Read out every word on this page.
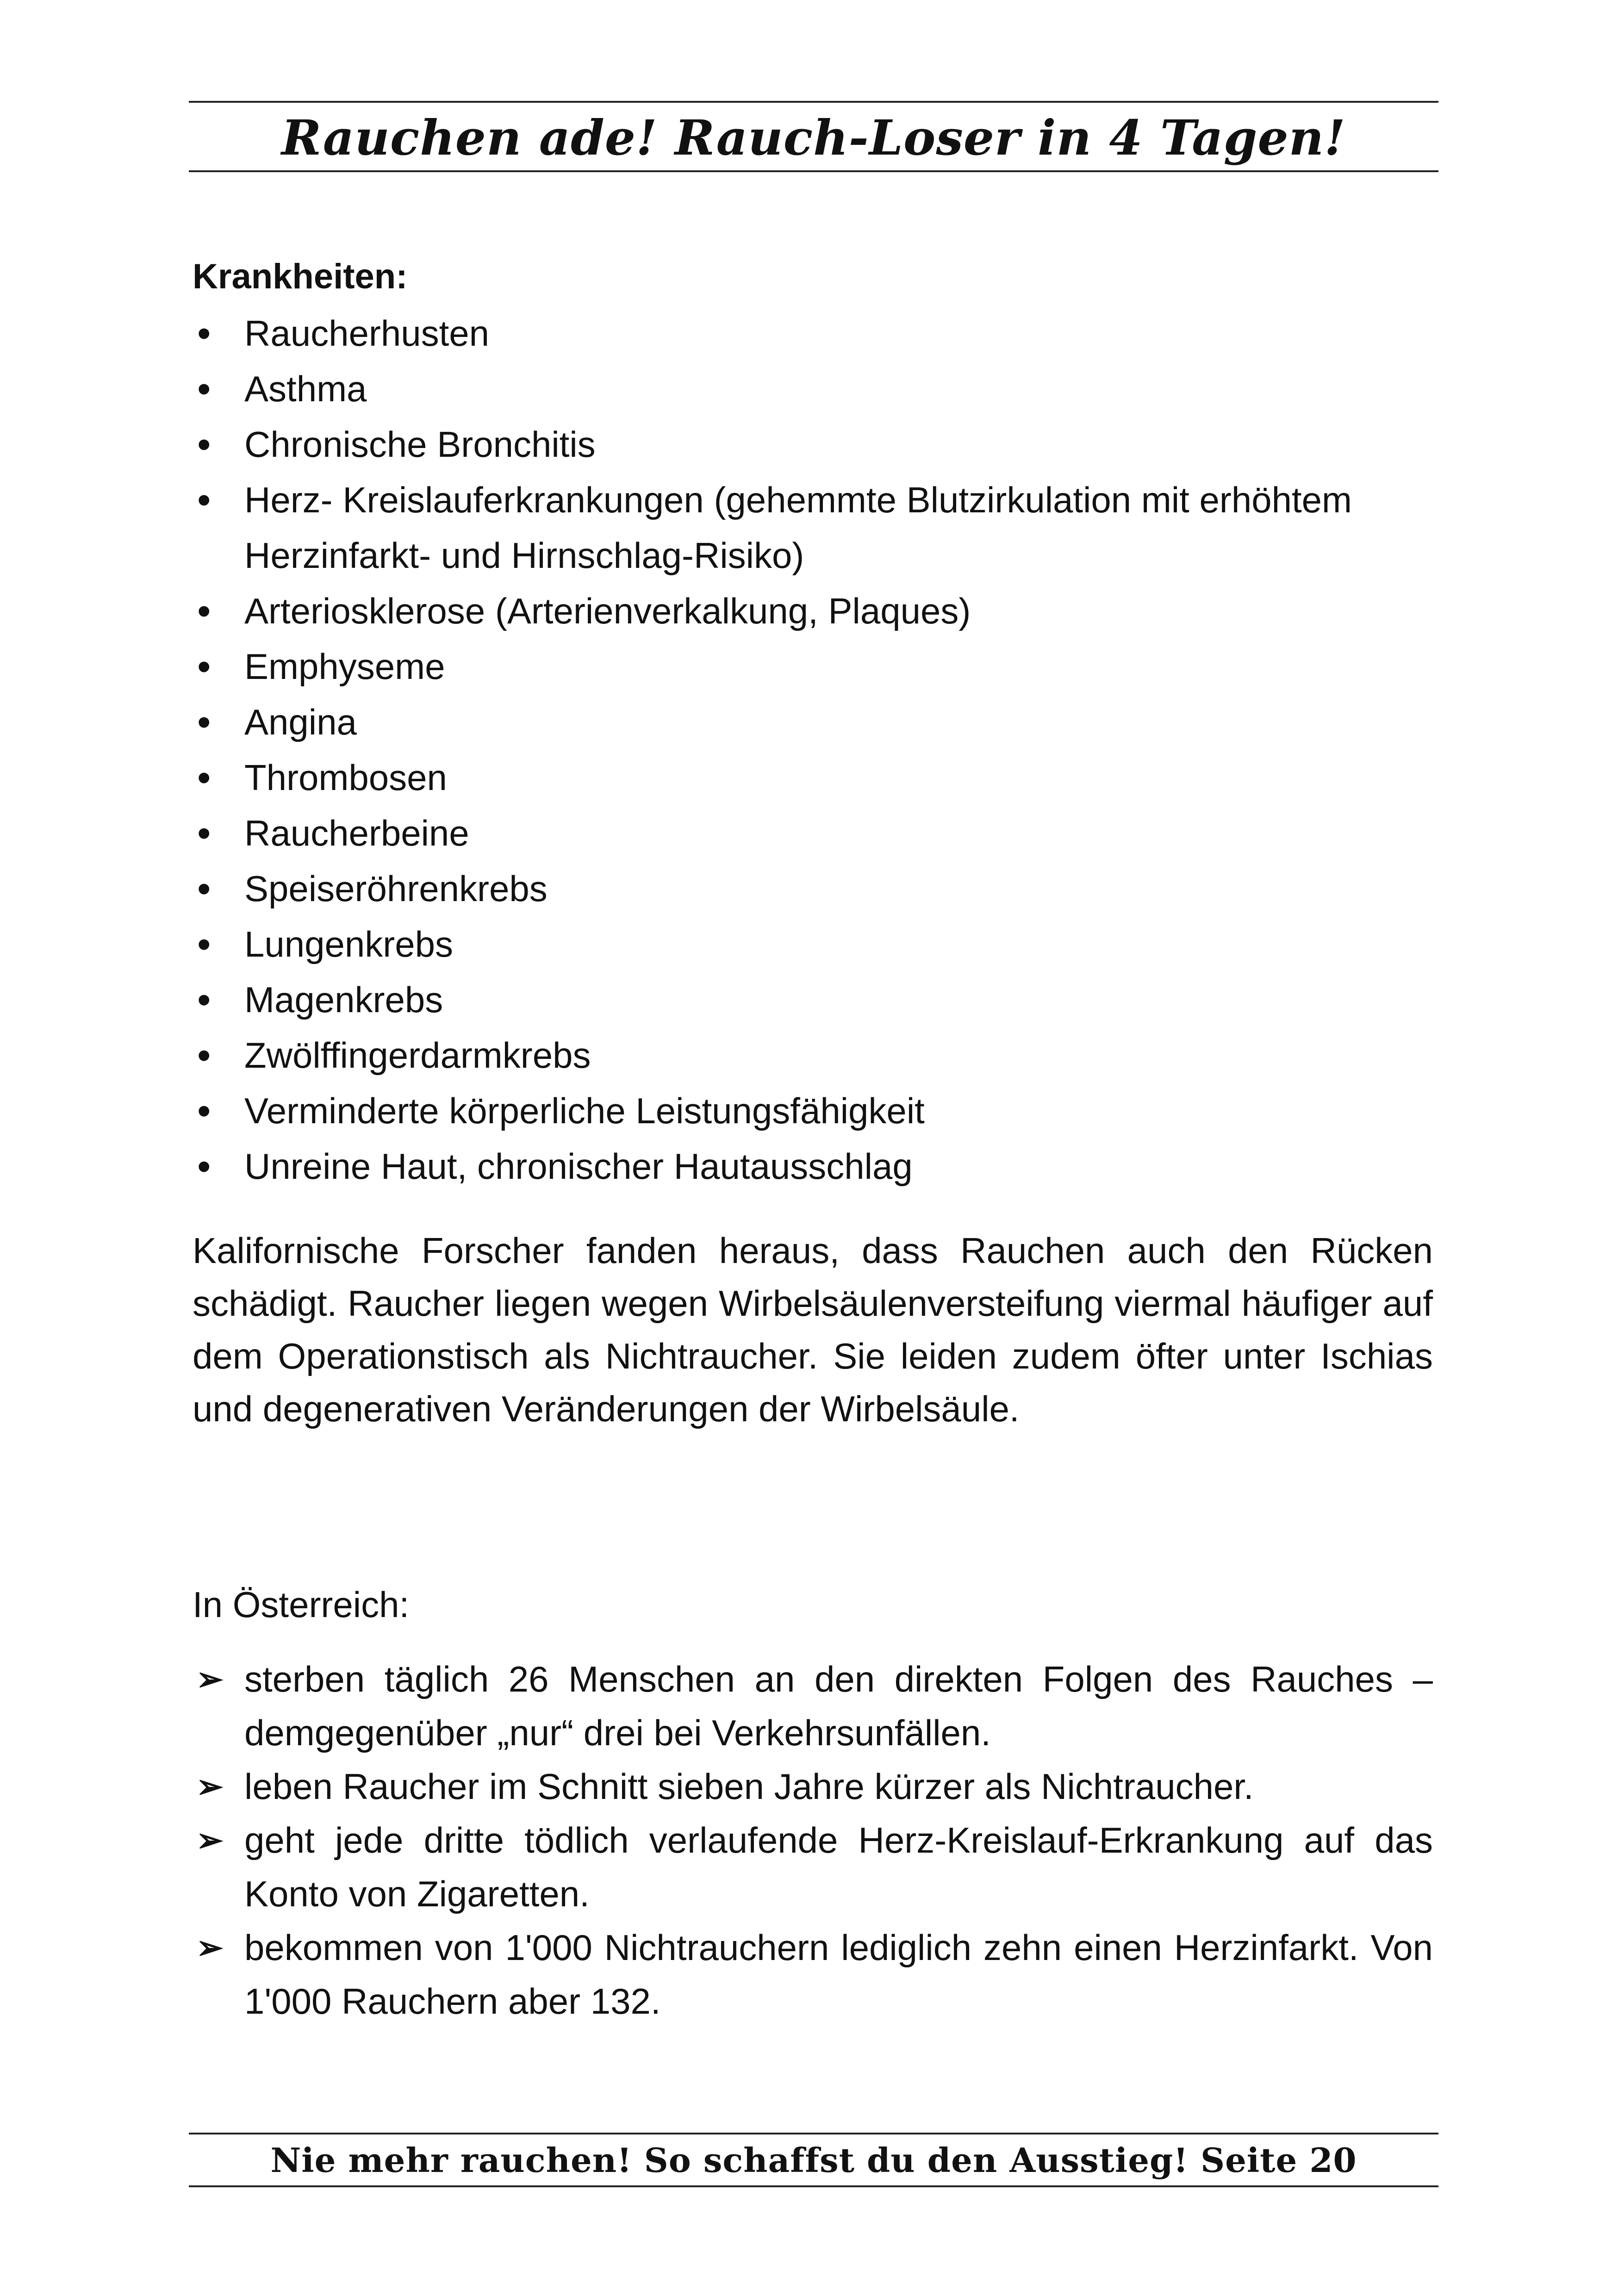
Rauchen ade! Rauch-Loser in 4 Tagen!
Krankheiten:
•
Raucherhusten
•
Asthma
•
Chronische Bronchitis
•
Herz- Kreislauferkrankungen (gehemmte Blutzirkulation mit erhöhtem Herzinfarkt- und Hirnschlag-Risiko)
•
Arteriosklerose (Arterienverkalkung, Plaques)
•
Emphyseme
•
Angina
•
Thrombosen
•
Raucherbeine
•
Speiseröhrenkrebs
•
Lungenkrebs
•
Magenkrebs
•
Zwölffingerdarmkrebs
•
Verminderte körperliche Leistungsfähigkeit
•
Unreine Haut, chronischer Hautausschlag

Kalifornische Forscher fanden heraus, dass Rauchen auch den Rücken schädigt. Raucher liegen wegen Wirbelsäulenversteifung viermal häufiger auf dem Operationstisch als Nichtraucher. Sie leiden zudem öfter unter Ischias und degenerativen Veränderungen der Wirbelsäule.

In Österreich:
➢ sterben täglich 26 Menschen an den direkten Folgen des Rauches – demgegenüber „nur“ drei bei Verkehrsunfällen.
➢ leben Raucher im Schnitt sieben Jahre kürzer als Nichtraucher.
➢ geht jede dritte tödlich verlaufende Herz-Kreislauf-Erkrankung auf das Konto von Zigaretten.
➢ bekommen von 1'000 Nichtrauchern lediglich zehn einen Herzinfarkt. Von 1'000 Rauchern aber 132.
Nie mehr rauchen! So schaffst du den Ausstieg! Seite 20
